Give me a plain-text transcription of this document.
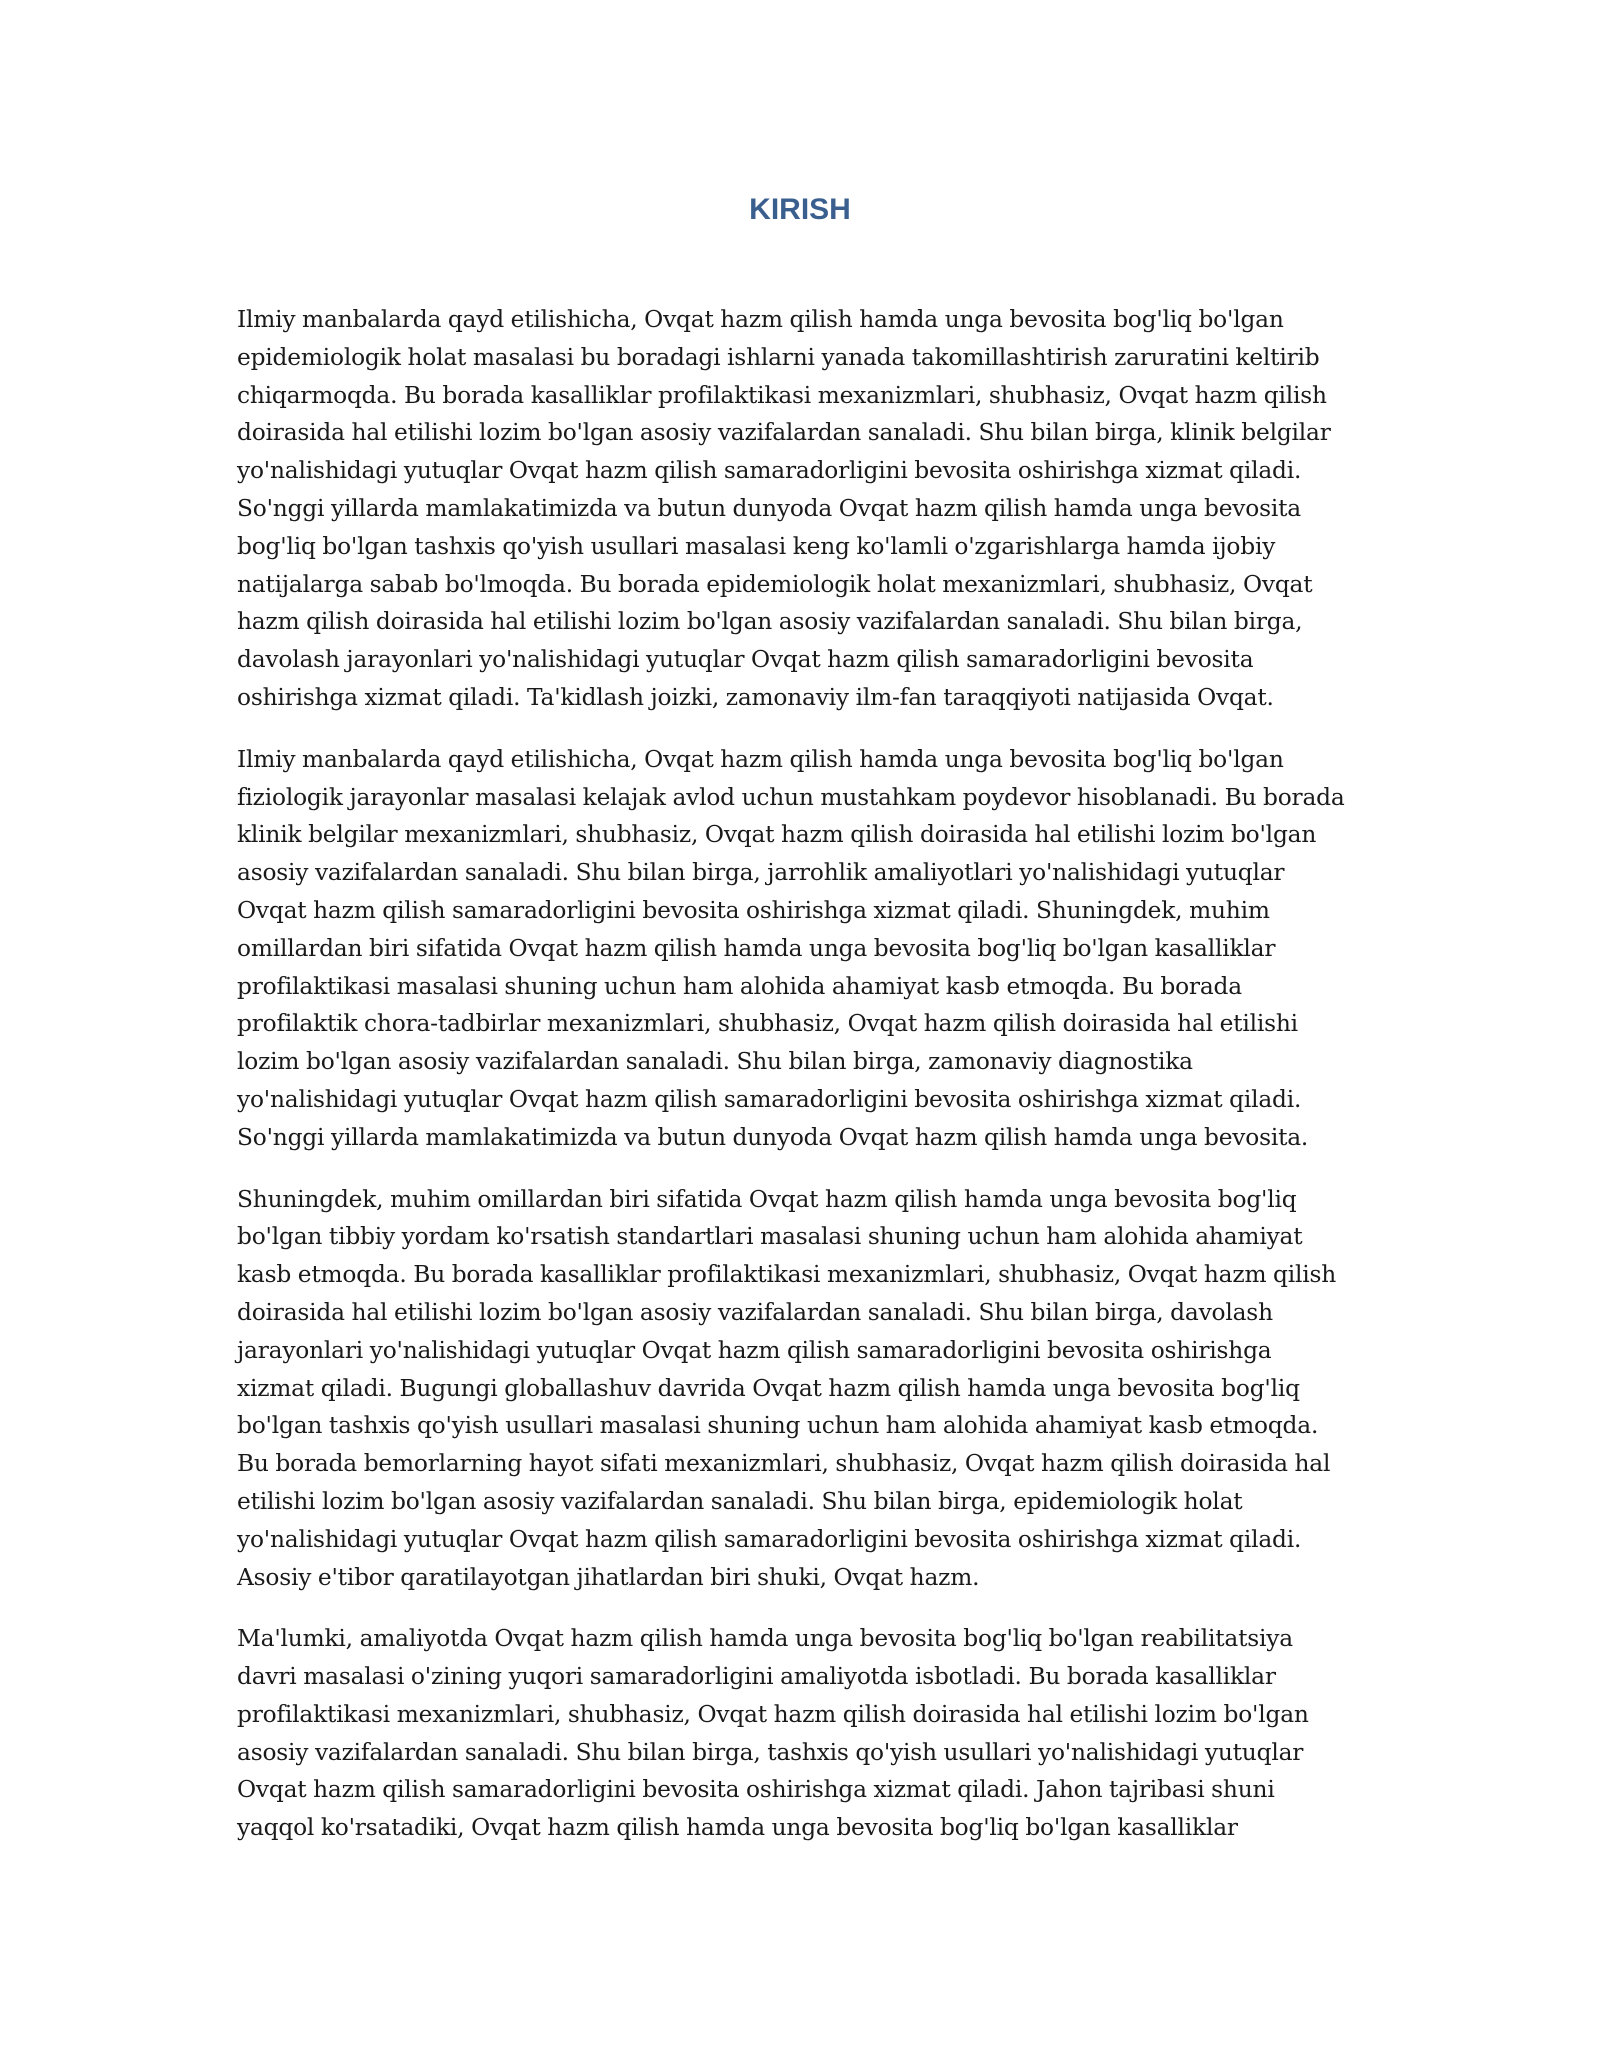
KIRISH

Ilmiy manbalarda qayd etilishicha, Ovqat hazm qilish hamda unga bevosita bog'liq bo'lgan
epidemiologik holat masalasi bu boradagi ishlarni yanada takomillashtirish zaruratini keltirib
chiqarmoqda. Bu borada kasalliklar profilaktikasi mexanizmlari, shubhasiz, Ovqat hazm qilish
doirasida hal etilishi lozim bo'lgan asosiy vazifalardan sanaladi. Shu bilan birga, klinik belgilar
yo'nalishidagi yutuqlar Ovqat hazm qilish samaradorligini bevosita oshirishga xizmat qiladi.
So'nggi yillarda mamlakatimizda va butun dunyoda Ovqat hazm qilish hamda unga bevosita
bog'liq bo'lgan tashxis qo'yish usullari masalasi keng ko'lamli o'zgarishlarga hamda ijobiy
natijalarga sabab bo'lmoqda. Bu borada epidemiologik holat mexanizmlari, shubhasiz, Ovqat
hazm qilish doirasida hal etilishi lozim bo'lgan asosiy vazifalardan sanaladi. Shu bilan birga,
davolash jarayonlari yo'nalishidagi yutuqlar Ovqat hazm qilish samaradorligini bevosita
oshirishga xizmat qiladi. Ta'kidlash joizki, zamonaviy ilm-fan taraqqiyoti natijasida Ovqat.

Ilmiy manbalarda qayd etilishicha, Ovqat hazm qilish hamda unga bevosita bog'liq bo'lgan
fiziologik jarayonlar masalasi kelajak avlod uchun mustahkam poydevor hisoblanadi. Bu borada
klinik belgilar mexanizmlari, shubhasiz, Ovqat hazm qilish doirasida hal etilishi lozim bo'lgan
asosiy vazifalardan sanaladi. Shu bilan birga, jarrohlik amaliyotlari yo'nalishidagi yutuqlar
Ovqat hazm qilish samaradorligini bevosita oshirishga xizmat qiladi. Shuningdek, muhim
omillardan biri sifatida Ovqat hazm qilish hamda unga bevosita bog'liq bo'lgan kasalliklar
profilaktikasi masalasi shuning uchun ham alohida ahamiyat kasb etmoqda. Bu borada
profilaktik chora-tadbirlar mexanizmlari, shubhasiz, Ovqat hazm qilish doirasida hal etilishi
lozim bo'lgan asosiy vazifalardan sanaladi. Shu bilan birga, zamonaviy diagnostika
yo'nalishidagi yutuqlar Ovqat hazm qilish samaradorligini bevosita oshirishga xizmat qiladi.
So'nggi yillarda mamlakatimizda va butun dunyoda Ovqat hazm qilish hamda unga bevosita.

Shuningdek, muhim omillardan biri sifatida Ovqat hazm qilish hamda unga bevosita bog'liq
bo'lgan tibbiy yordam ko'rsatish standartlari masalasi shuning uchun ham alohida ahamiyat
kasb etmoqda. Bu borada kasalliklar profilaktikasi mexanizmlari, shubhasiz, Ovqat hazm qilish
doirasida hal etilishi lozim bo'lgan asosiy vazifalardan sanaladi. Shu bilan birga, davolash
jarayonlari yo'nalishidagi yutuqlar Ovqat hazm qilish samaradorligini bevosita oshirishga
xizmat qiladi. Bugungi globallashuv davrida Ovqat hazm qilish hamda unga bevosita bog'liq
bo'lgan tashxis qo'yish usullari masalasi shuning uchun ham alohida ahamiyat kasb etmoqda.
Bu borada bemorlarning hayot sifati mexanizmlari, shubhasiz, Ovqat hazm qilish doirasida hal
etilishi lozim bo'lgan asosiy vazifalardan sanaladi. Shu bilan birga, epidemiologik holat
yo'nalishidagi yutuqlar Ovqat hazm qilish samaradorligini bevosita oshirishga xizmat qiladi.
Asosiy e'tibor qaratilayotgan jihatlardan biri shuki, Ovqat hazm.

Ma'lumki, amaliyotda Ovqat hazm qilish hamda unga bevosita bog'liq bo'lgan reabilitatsiya
davri masalasi o'zining yuqori samaradorligini amaliyotda isbotladi. Bu borada kasalliklar
profilaktikasi mexanizmlari, shubhasiz, Ovqat hazm qilish doirasida hal etilishi lozim bo'lgan
asosiy vazifalardan sanaladi. Shu bilan birga, tashxis qo'yish usullari yo'nalishidagi yutuqlar
Ovqat hazm qilish samaradorligini bevosita oshirishga xizmat qiladi. Jahon tajribasi shuni
yaqqol ko'rsatadiki, Ovqat hazm qilish hamda unga bevosita bog'liq bo'lgan kasalliklar
